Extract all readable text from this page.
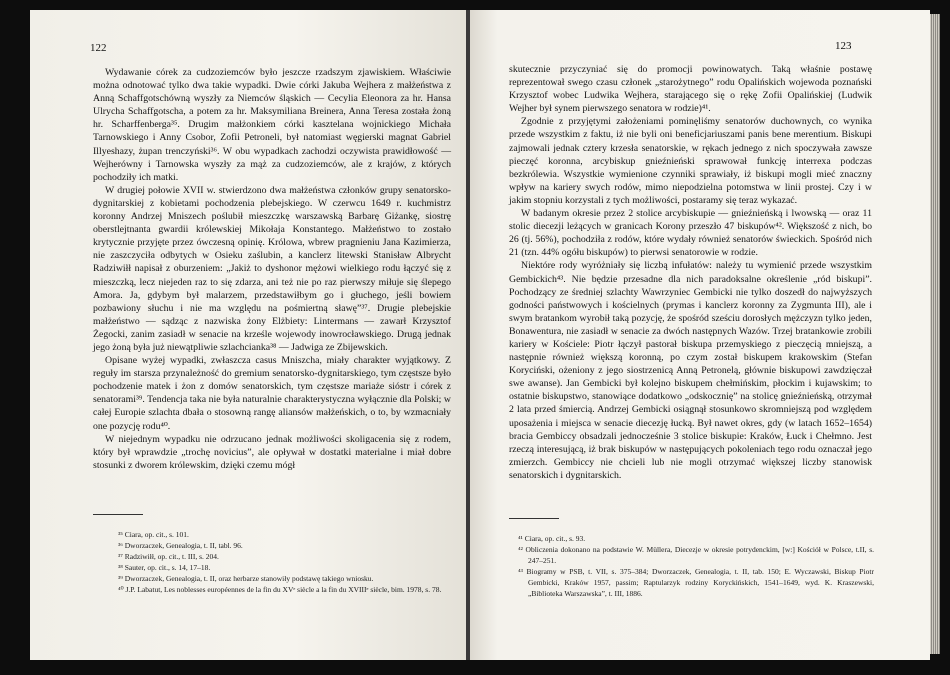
122

Wydawanie córek za cudzoziemców było jeszcze rzadszym zjawiskiem. Właściwie można odnotować tylko dwa takie wypadki. Dwie córki Jakuba Wejhera z małżeństwa z Anną Schaffgotschówną wyszły za Niemców śląskich — Cecylia Eleonora za hr. Hansa Ulrycha Schaffgotscha, a potem za hr. Maksymiliana Breinera, Anna Teresa została żoną hr. Scharffenberga³⁵. Drugim małżonkiem córki kasztelana wojnickiego Michała Tarnowskiego i Anny Csobor, Zofii Petroneli, był natomiast węgierski magnat Gabriel Illyeshazy, żupan trenczyński³⁶. W obu wypadkach zachodzi oczywista prawidłowość — Wejherówny i Tarnowska wyszły za mąż za cudzoziemców, ale z krajów, z których pochodziły ich matki.

W drugiej połowie XVII w. stwierdzono dwa małżeństwa członków grupy senatorsko-dygnitarskiej z kobietami pochodzenia plebejskiego. W czerwcu 1649 r. kuchmistrz koronny Andrzej Mniszech poślubił mieszczkę warszawską Barbarę Giżankę, siostrę oberstlejtnanta gwardii królewskiej Mikołaja Konstantego. Małżeństwo to zostało krytycznie przyjęte przez ówczesną opinię. Królowa, wbrew pragnieniu Jana Kazimierza, nie zaszczyciła odbytych w Osieku zaślubin, a kanclerz litewski Stanisław Albrycht Radziwiłł napisał z oburzeniem: „Jakiż to dyshonor mężowi wielkiego rodu łączyć się z mieszczką, lecz niejeden raz to się zdarza, ani też nie po raz pierwszy miłuje się ślepego Amora. Ja, gdybym był malarzem, przedstawiłbym go i głuchego, jeśli bowiem pozbawiony słuchu i nie ma względu na pośmiertną sławę”³⁷. Drugie plebejskie małżeństwo — sądząc z nazwiska żony Elżbiety: Lintermans — zawarł Krzysztof Żegocki, zanim zasiadł w senacie na krześle wojewody inowrocławskiego. Drugą jednak jego żoną była już niewątpliwie szlachcianka³⁸ — Jadwiga ze Zbijewskich.

Opisane wyżej wypadki, zwłaszcza casus Mniszcha, miały charakter wyjątkowy. Z reguły im starsza przynależność do gremium senatorsko-dygnitarskiego, tym częstsze było pochodzenie matek i żon z domów senatorskich, tym częstsze mariaże sióstr i córek z senatorami³⁹. Tendencja taka nie była naturalnie charakterystyczna wyłącznie dla Polski; w całej Europie szlachta dbała o stosowną rangę aliansów małżeńskich, o to, by wzmacniały one pozycję rodu⁴⁰.

W niejednym wypadku nie odrzucano jednak możliwości skoligacenia się z rodem, który był wprawdzie „trochę novicius”, ale opływał w dostatki materialne i miał dobre stosunki z dworem królewskim, dzięki czemu mógł

³⁵ Ciara, op. cit., s. 101.
³⁶ Dworzaczek, Genealogia, t. II, tabl. 96.
³⁷ Radziwiłł, op. cit., t. III, s. 204.
³⁸ Sauter, op. cit., s. 14, 17–18.
³⁹ Dworzaczek, Genealogia, t. II, oraz herbarze stanowiły podstawę takiego wniosku.
⁴⁰ J.P. Labatut, Les noblesses européennes de la fin du XVᵉ siècle a la fin du XVIIIᵉ siècle, bim. 1978, s. 78.
123

skutecznie przyczyniać się do promocji powinowatych. Taką właśnie postawę reprezentował swego czasu członek „starożytnego” rodu Opalińskich wojewoda poznański Krzysztof wobec Ludwika Wejhera, starającego się o rękę Zofii Opalińskiej (Ludwik Wejher był synem pierwszego senatora w rodzie)⁴¹.

Zgodnie z przyjętymi założeniami pominęliśmy senatorów duchownych, co wynika przede wszystkim z faktu, iż nie byli oni beneficjariuszami panis bene merentium. Biskupi zajmowali jednak cztery krzesła senatorskie, w rękach jednego z nich spoczywała zawsze pieczęć koronna, arcybiskup gnieźnieński sprawował funkcję interrexa podczas bezkrólewia. Wszystkie wymienione czynniki sprawiały, iż biskupi mogli mieć znaczny wpływ na kariery swych rodów, mimo niepodzielna potomstwa w linii prostej. Czy i w jakim stopniu korzystali z tych możliwości, postaramy się teraz wykazać.

W badanym okresie przez 2 stolice arcybiskupie — gnieźnieńską i lwowską — oraz 11 stolic diecezji leżących w granicach Korony przeszło 47 biskupów⁴². Większość z nich, bo 26 (tj. 56%), pochodziła z rodów, które wydały również senatorów świeckich. Spośród nich 21 (tzn. 44% ogółu biskupów) to pierwsi senatorowie w rodzie.

Niektóre rody wyróżniały się liczbą infułatów: należy tu wymienić przede wszystkim Gembickich⁴³. Nie będzie przesadne dla nich paradoksalne określenie „ród biskupi”. Pochodzący ze średniej szlachty Wawrzyniec Gembicki nie tylko doszedł do najwyższych godności państwowych i kościelnych (prymas i kanclerz koronny za Zygmunta III), ale i swym bratankom wyrobił taką pozycję, że spośród sześciu dorosłych mężczyzn tylko jeden, Bonawentura, nie zasiadł w senacie za dwóch następnych Wazów. Trzej bratankowie zrobili kariery w Kościele: Piotr łączył pastorał biskupa przemyskiego z pieczęcią mniejszą, a następnie również większą koronną, po czym został biskupem krakowskim (Stefan Koryciński, ożeniony z jego siostrzenicą Anną Petronelą, głównie biskupowi zawdzięczał swe awanse). Jan Gembicki był kolejno biskupem chełmińskim, płockim i kujawskim; to ostatnie biskupstwo, stanowiące dodatkowo „odskocznię” na stolicę gnieźnieńską, otrzymał 2 lata przed śmiercią. Andrzej Gembicki osiągnął stosunkowo skromniejszą pod względem uposażenia i miejsca w senacie diecezję łucką. Był nawet okres, gdy (w latach 1652–1654) bracia Gembiccy obsadzali jednocześnie 3 stolice biskupie: Kraków, Łuck i Chełmno. Jest rzeczą interesującą, iż brak biskupów w następujących pokoleniach tego rodu oznaczał jego zmierzch. Gembiccy nie chcieli lub nie mogli otrzymać większej liczby stanowisk senatorskich i dygnitarskich.

⁴¹ Ciara, op. cit., s. 93.
⁴² Obliczenia dokonano na podstawie W. Müllera, Diecezje w okresie potrydenckim, [w:] Kościół w Polsce, t.II, s. 247–251.
⁴³ Biogramy w PSB, t. VII, s. 375–384; Dworzaczek, Genealogia, t. II, tab. 150; E. Wyczawski, Biskup Piotr Gembicki, Kraków 1957, passim; Raptularzyk rodziny Koryckińskich, 1541–1649, wyd. K. Kraszewski, „Biblioteka Warszawska”, t. III, 1886.
